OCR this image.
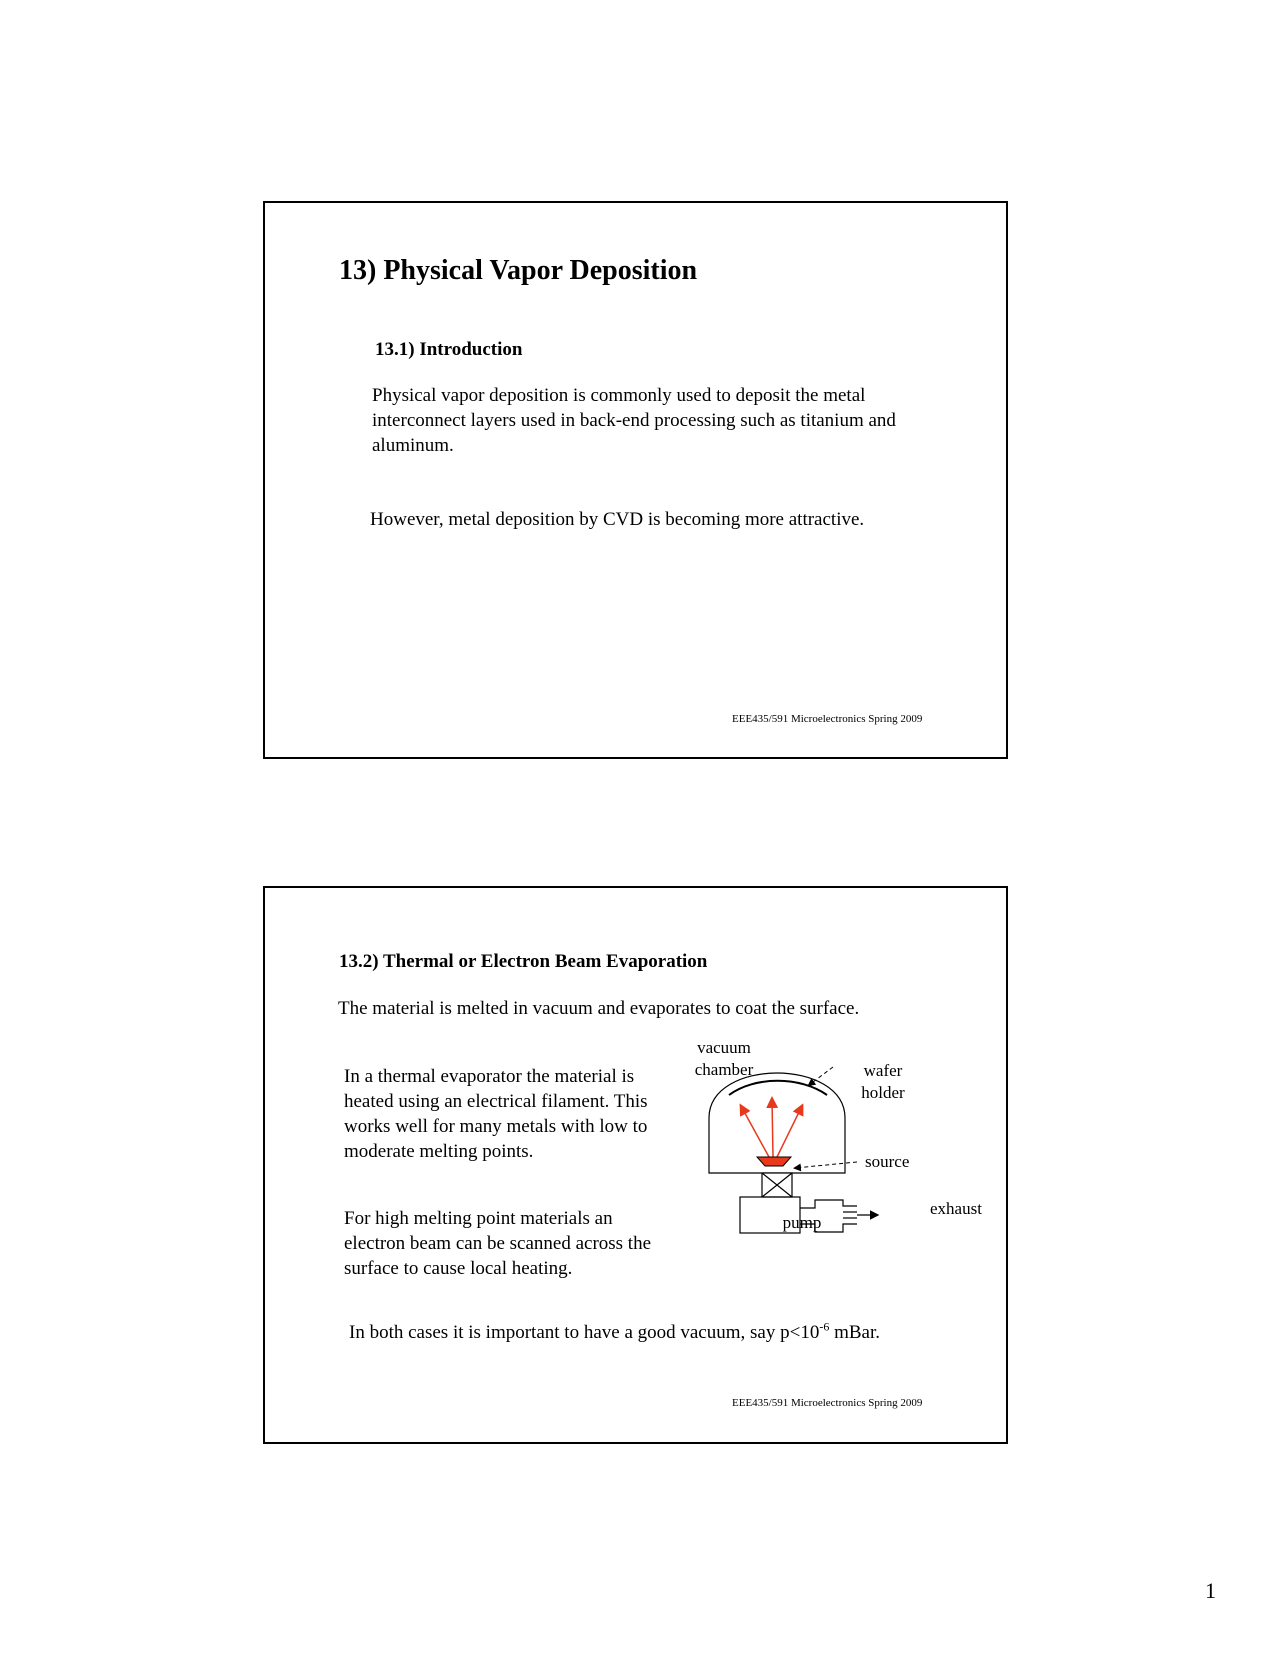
13) Physical Vapor Deposition
13.1) Introduction

Physical vapor deposition is commonly used to deposit the metal interconnect layers used in back-end processing such as titanium and aluminum.

However, metal deposition by CVD is becoming more attractive.

EEE435/591 Microelectronics Spring 2009
13.2) Thermal or Electron Beam Evaporation

The material is melted in vacuum and evaporates to coat the surface.

In a thermal evaporator the material is heated using an electrical filament. This works well for many metals with low to moderate melting points.

For high melting point materials an electron beam can be scanned across the surface to cause local heating.

In both cases it is important to have a good vacuum, say $p<10^{-6}$ mBar.

vacuum
chamber	wafer
holder
source
pump
exhaust
EEE435/591 Microelectronics Spring 2009
1
